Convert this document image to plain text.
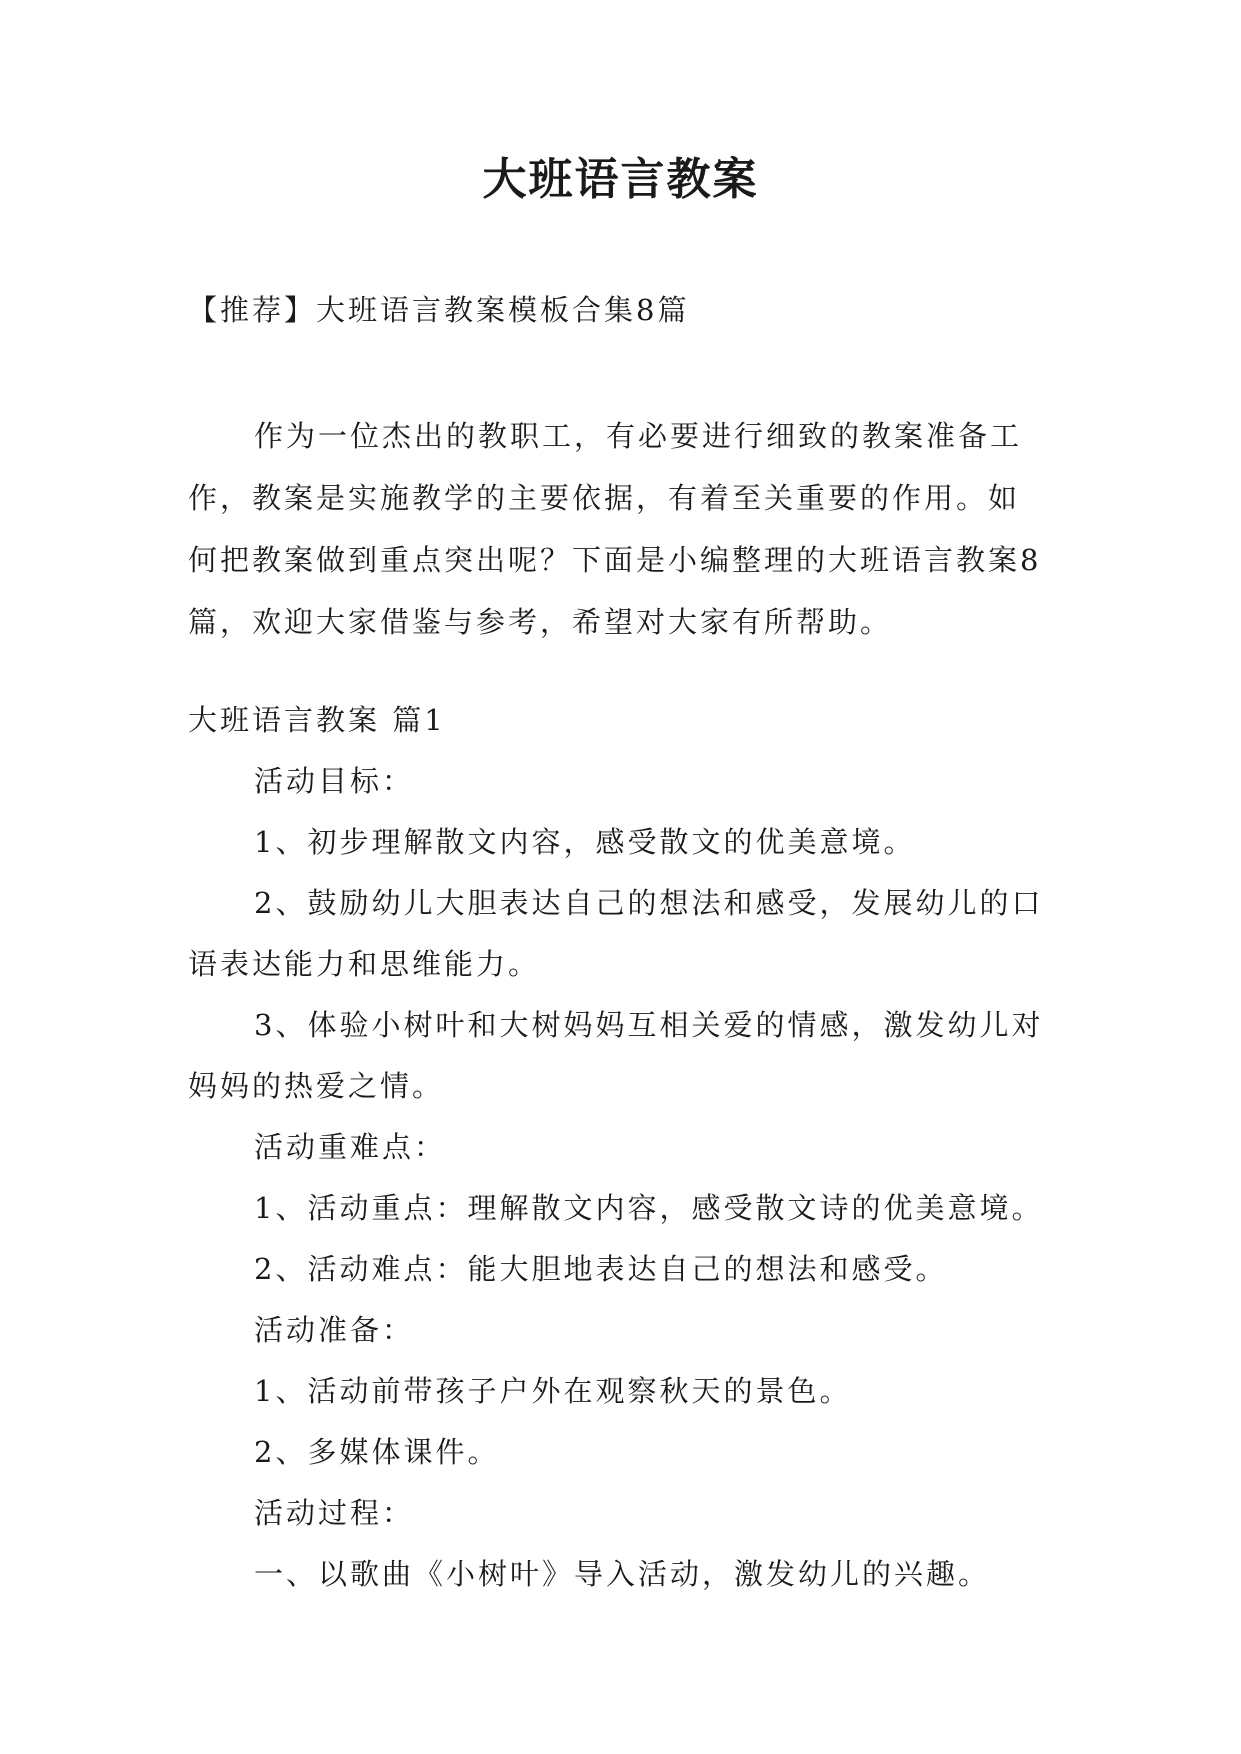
大班语言教案
【推荐】大班语言教案模板合集8篇

作为一位杰出的教职工，有必要进行细致的教案准备工作，教案是实施教学的主要依据，有着至关重要的作用。如何把教案做到重点突出呢？下面是小编整理的大班语言教案8篇，欢迎大家借鉴与参考，希望对大家有所帮助。

大班语言教案 篇1

活动目标：

1、初步理解散文内容，感受散文的优美意境。

2、鼓励幼儿大胆表达自己的想法和感受，发展幼儿的口语表达能力和思维能力。

3、体验小树叶和大树妈妈互相关爱的情感，激发幼儿对妈妈的热爱之情。

活动重难点：

1、活动重点：理解散文内容，感受散文诗的优美意境。

2、活动难点：能大胆地表达自己的想法和感受。

活动准备：

1、活动前带孩子户外在观察秋天的景色。

2、多媒体课件。

活动过程：

一、以歌曲《小树叶》导入活动，激发幼儿的兴趣。
